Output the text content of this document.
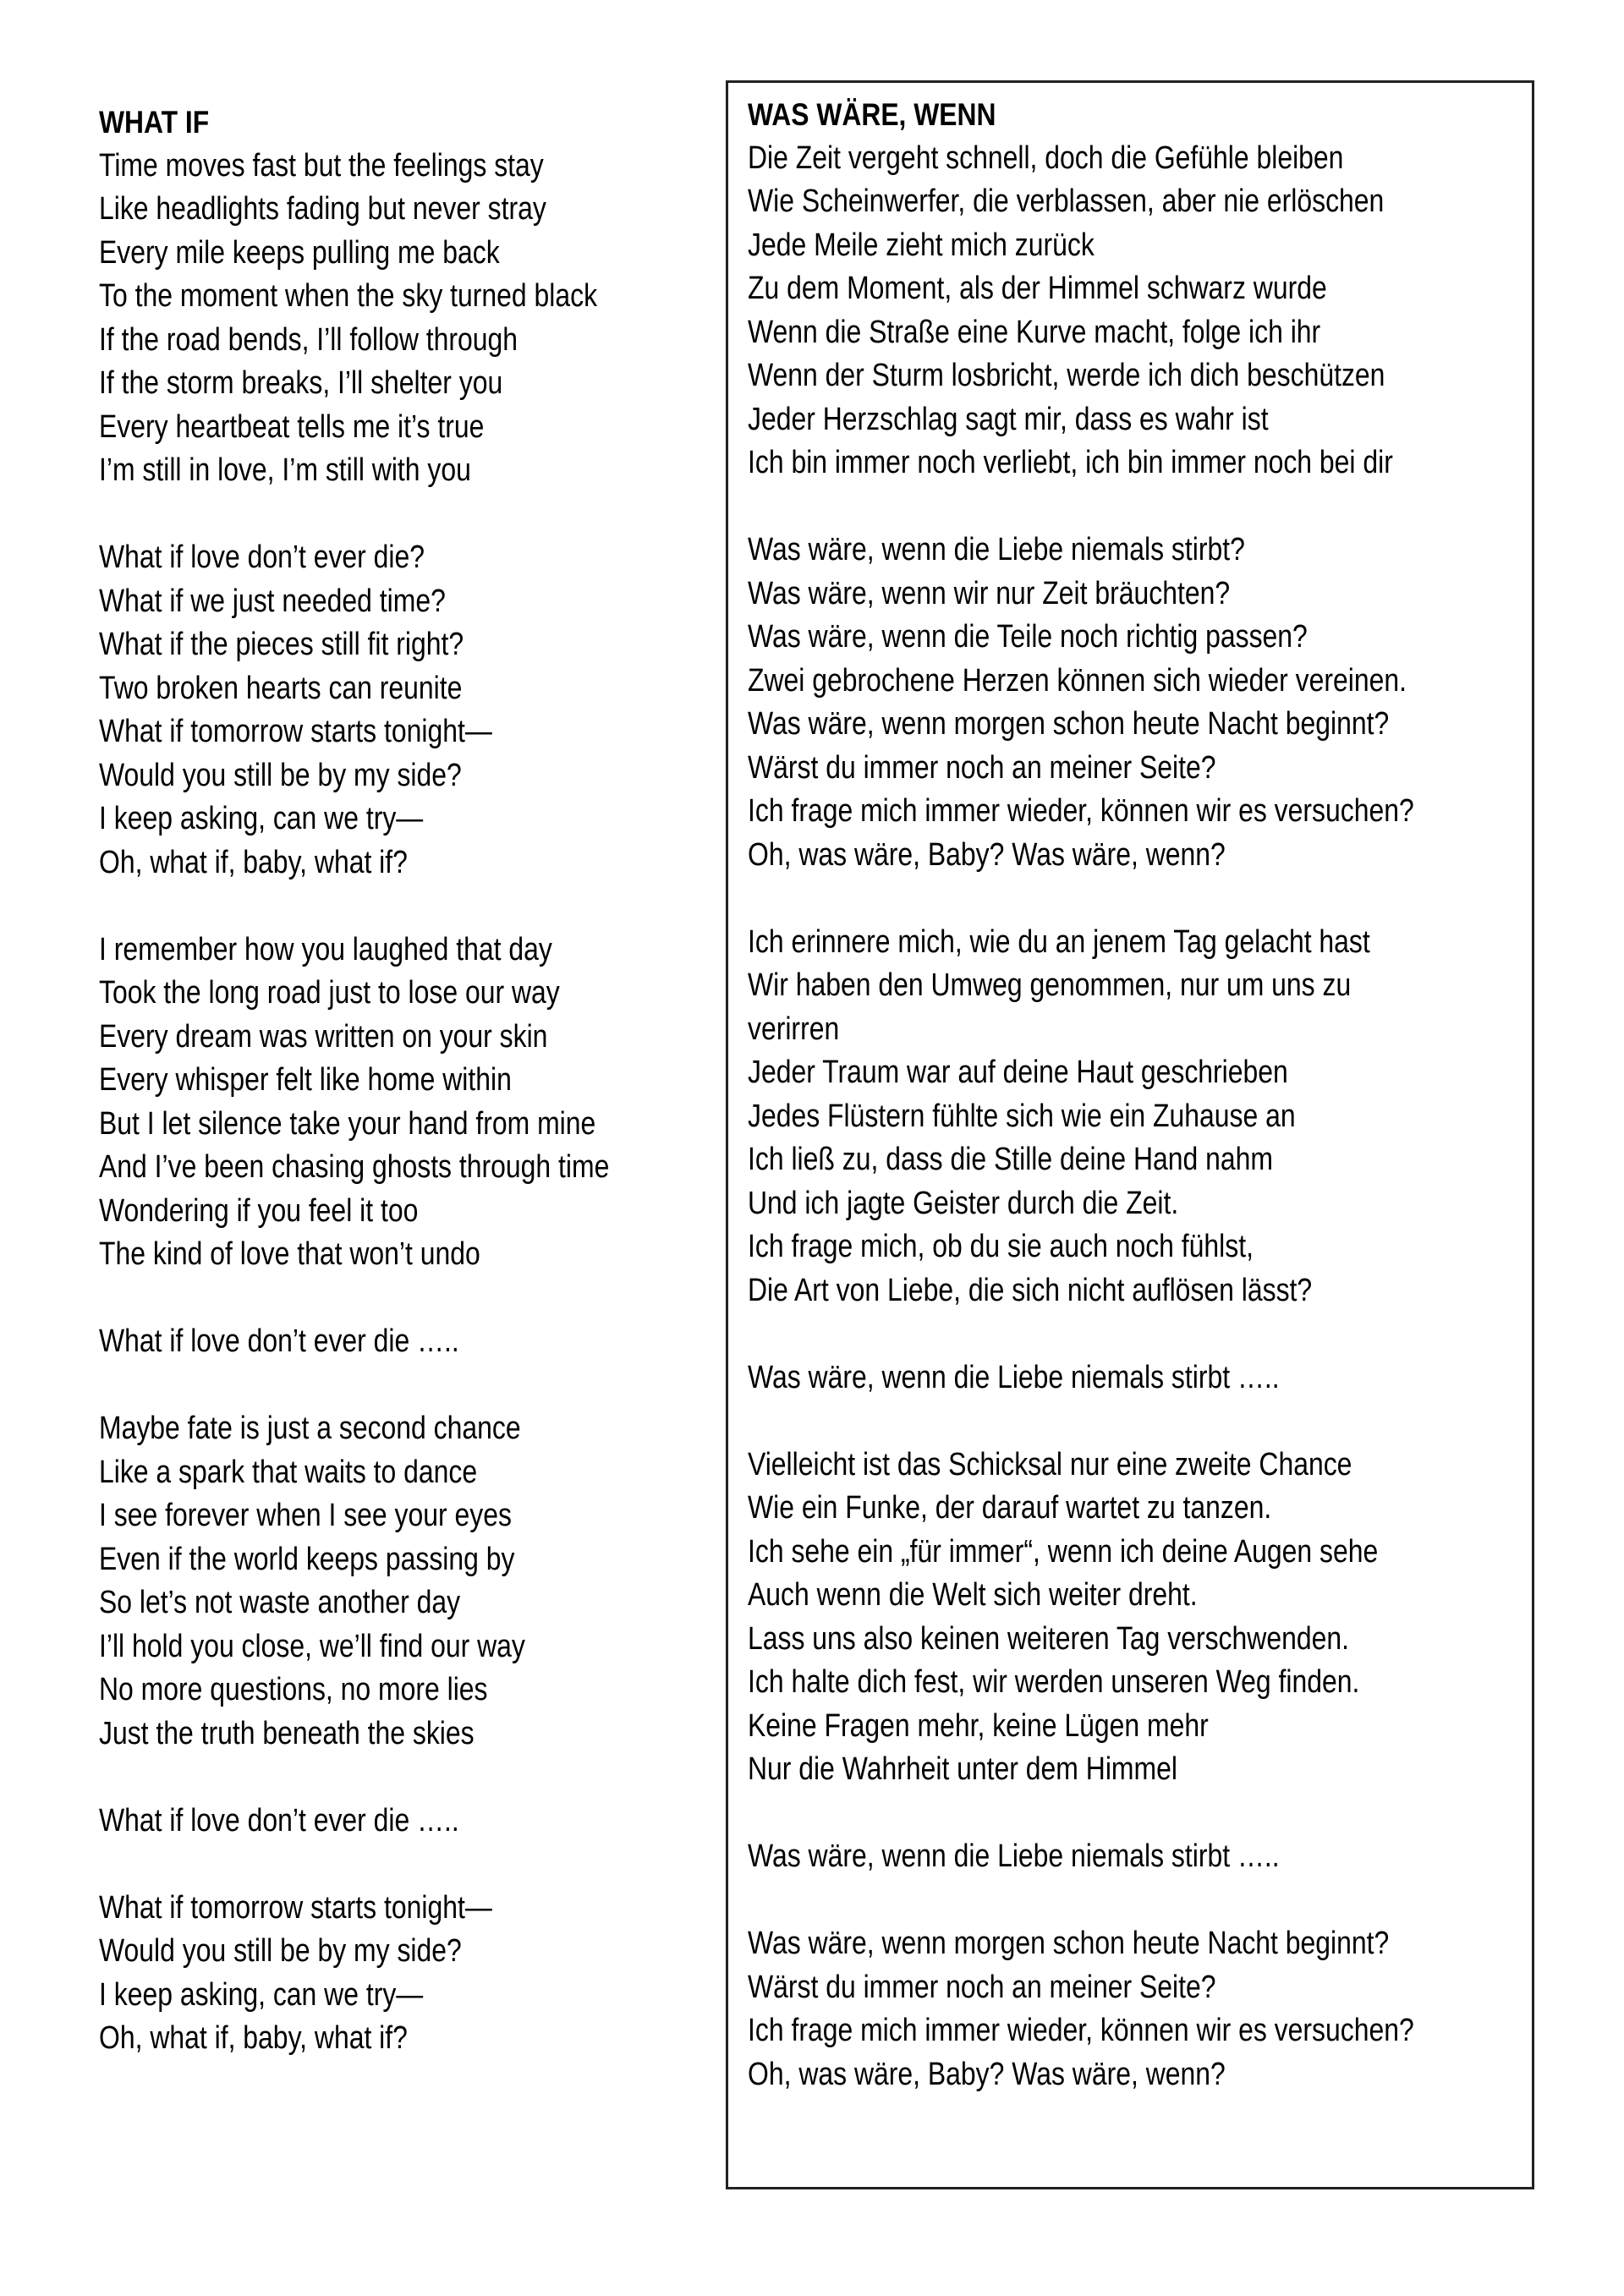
WHAT IF
Time moves fast but the feelings stay
Like headlights fading but never stray
Every mile keeps pulling me back
To the moment when the sky turned black
If the road bends, I’ll follow through
If the storm breaks, I’ll shelter you
Every heartbeat tells me it’s true
I’m still in love, I’m still with you
What if love don’t ever die?
What if we just needed time?
What if the pieces still fit right?
Two broken hearts can reunite
What if tomorrow starts tonight—
Would you still be by my side?
I keep asking, can we try—
Oh, what if, baby, what if?
I remember how you laughed that day
Took the long road just to lose our way
Every dream was written on your skin
Every whisper felt like home within
But I let silence take your hand from mine
And I’ve been chasing ghosts through time
Wondering if you feel it too
The kind of love that won’t undo
What if love don’t ever die …..
Maybe fate is just a second chance
Like a spark that waits to dance
I see forever when I see your eyes
Even if the world keeps passing by
So let’s not waste another day
I’ll hold you close, we’ll find our way
No more questions, no more lies
Just the truth beneath the skies
What if love don’t ever die …..
What if tomorrow starts tonight—
Would you still be by my side?
I keep asking, can we try—
Oh, what if, baby, what if?
WAS WÄRE, WENN
Die Zeit vergeht schnell, doch die Gefühle bleiben
Wie Scheinwerfer, die verblassen, aber nie erlöschen
Jede Meile zieht mich zurück
Zu dem Moment, als der Himmel schwarz wurde
Wenn die Straße eine Kurve macht, folge ich ihr
Wenn der Sturm losbricht, werde ich dich beschützen
Jeder Herzschlag sagt mir, dass es wahr ist
Ich bin immer noch verliebt, ich bin immer noch bei dir
Was wäre, wenn die Liebe niemals stirbt?
Was wäre, wenn wir nur Zeit bräuchten?
Was wäre, wenn die Teile noch richtig passen?
Zwei gebrochene Herzen können sich wieder vereinen.
Was wäre, wenn morgen schon heute Nacht beginnt?
Wärst du immer noch an meiner Seite?
Ich frage mich immer wieder, können wir es versuchen?
Oh, was wäre, Baby? Was wäre, wenn?
Ich erinnere mich, wie du an jenem Tag gelacht hast
Wir haben den Umweg genommen, nur um uns zu
verirren
Jeder Traum war auf deine Haut geschrieben
Jedes Flüstern fühlte sich wie ein Zuhause an
Ich ließ zu, dass die Stille deine Hand nahm
Und ich jagte Geister durch die Zeit.
Ich frage mich, ob du sie auch noch fühlst,
Die Art von Liebe, die sich nicht auflösen lässt?
Was wäre, wenn die Liebe niemals stirbt …..
Vielleicht ist das Schicksal nur eine zweite Chance
Wie ein Funke, der darauf wartet zu tanzen.
Ich sehe ein „für immer“, wenn ich deine Augen sehe
Auch wenn die Welt sich weiter dreht.
Lass uns also keinen weiteren Tag verschwenden.
Ich halte dich fest, wir werden unseren Weg finden.
Keine Fragen mehr, keine Lügen mehr
Nur die Wahrheit unter dem Himmel
Was wäre, wenn die Liebe niemals stirbt …..
Was wäre, wenn morgen schon heute Nacht beginnt?
Wärst du immer noch an meiner Seite?
Ich frage mich immer wieder, können wir es versuchen?
Oh, was wäre, Baby? Was wäre, wenn?
